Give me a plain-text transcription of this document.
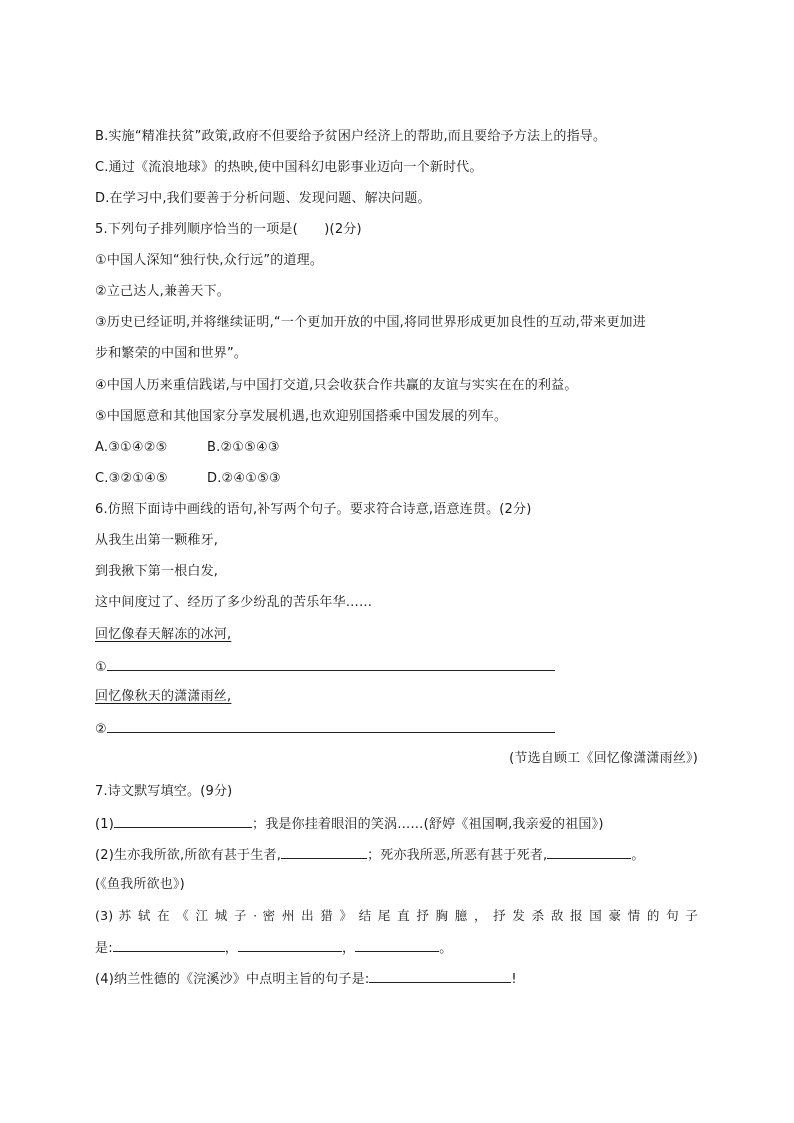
B.实施“精准扶贫”政策,政府不但要给予贫困户经济上的帮助,而且要给予方法上的指导。
C.通过《流浪地球》的热映,使中国科幻电影事业迈向一个新时代。
D.在学习中,我们要善于分析问题、发现问题、解决问题。
5.下列句子排列顺序恰当的一项是(　　)(2分)
①中国人深知“独行快,众行远”的道理。
②立己达人,兼善天下。
③历史已经证明,并将继续证明,“一个更加开放的中国,将同世界形成更加良性的互动,带来更加进
步和繁荣的中国和世界”。
④中国人历来重信践诺,与中国打交道,只会收获合作共赢的友谊与实实在在的利益。
⑤中国愿意和其他国家分享发展机遇,也欢迎别国搭乘中国发展的列车。
A.③①④②⑤	B.②①⑤④③
C.③②①④⑤	D.②④①⑤③
6.仿照下面诗中画线的语句,补写两个句子。要求符合诗意,语意连贯。(2分)
从我生出第一颗稚牙,
到我揪下第一根白发,
这中间度过了、经历了多少纷乱的苦乐年华……
回忆像春天解冻的冰河,
①
回忆像秋天的潇潇雨丝,
②
(节选自顾工《回忆像潇潇雨丝》)
7.诗文默写填空。(9分)
(1)	；我是你挂着眼泪的笑涡……(舒婷《祖国啊,我亲爱的祖国》)
(2)生亦我所欲,所欲有甚于生者,	；死亦我所恶,所恶有甚于死者,	。
(《鱼我所欲也》)
(3) 苏 轼 在 《 江 城 子 · 密 州 出 猎 》 结 尾 直 抒 胸 臆 ， 抒 发 杀 敌 报 国 豪 情 的 句 子
是:	，	，	。
(4)纳兰性德的《浣溪沙》中点明主旨的句子是:	!
